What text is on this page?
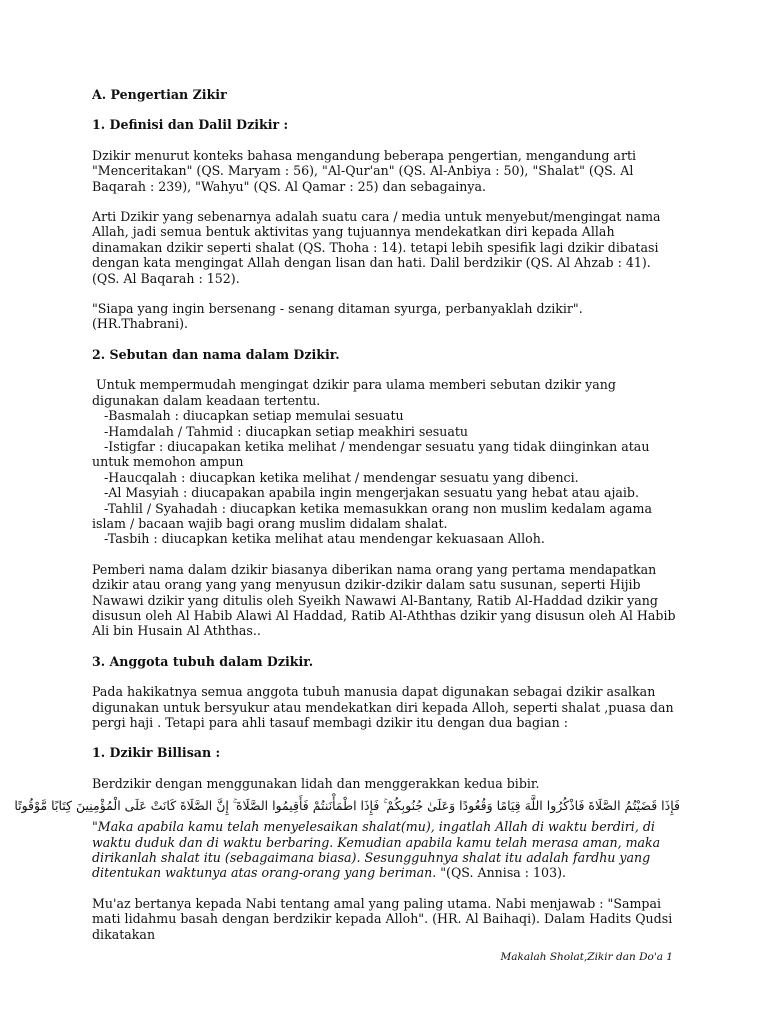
A. Pengertian Zikir

1. Definisi dan Dalil Dzikir :

Dzikir menurut konteks bahasa mengandung beberapa pengertian, mengandung arti "Menceritakan" (QS. Maryam : 56), "Al-Qur'an" (QS. Al-Anbiya : 50), "Shalat" (QS. Al Baqarah : 239), "Wahyu" (QS. Al Qamar : 25) dan sebagainya.

Arti Dzikir yang sebenarnya adalah suatu cara / media untuk menyebut/mengingat nama Allah, jadi semua bentuk aktivitas yang tujuannya mendekatkan diri kepada Allah dinamakan dzikir seperti shalat (QS. Thoha : 14). tetapi lebih spesifik lagi dzikir dibatasi dengan kata mengingat Allah dengan lisan dan hati. Dalil berdzikir (QS. Al Ahzab : 41). (QS. Al Baqarah : 152).

"Siapa yang ingin bersenang - senang ditaman syurga, perbanyaklah dzikir". (HR.Thabrani).

2. Sebutan dan nama dalam Dzikir.

Untuk mempermudah mengingat dzikir para ulama memberi sebutan dzikir yang digunakan dalam keadaan tertentu.

-Basmalah : diucapkan setiap memulai sesuatu

-Hamdalah / Tahmid : diucapkan setiap meakhiri sesuatu

-Istigfar : diucapakan ketika melihat / mendengar sesuatu yang tidak diinginkan atau untuk memohon ampun

-Haucqalah : diucapkan ketika melihat / mendengar sesuatu yang dibenci.

-Al Masyiah : diucapakan apabila ingin mengerjakan sesuatu yang hebat atau ajaib.

-Tahlil / Syahadah : diucapkan ketika memasukkan orang non muslim kedalam agama islam / bacaan wajib bagi orang muslim didalam shalat.

-Tasbih : diucapkan ketika melihat atau mendengar kekuasaan Alloh.

Pemberi nama dalam dzikir biasanya diberikan nama orang yang pertama mendapatkan dzikir atau orang yang yang menyusun dzikir-dzikir dalam satu susunan, seperti Hijib Nawawi dzikir yang ditulis oleh Syeikh Nawawi Al-Bantany, Ratib Al-Haddad dzikir yang disusun oleh Al Habib Alawi Al Haddad, Ratib Al-Aththas dzikir yang disusun oleh Al Habib Ali bin Husain Al Aththas..

3. Anggota tubuh dalam Dzikir.

Pada hakikatnya semua anggota tubuh manusia dapat digunakan sebagai dzikir asalkan digunakan untuk bersyukur atau mendekatkan diri kepada Alloh, seperti shalat ,puasa dan pergi haji . Tetapi para ahli tasauf membagi dzikir itu dengan dua bagian :

1. Dzikir Billisan :

Berdzikir dengan menggunakan lidah dan menggerakkan kedua bibir.

فَإِذَا قَضَيْتُمُ الصَّلَاةَ فَاذْكُرُوا اللَّهَ قِيَامًا وَقُعُودًا وَعَلَىٰ جُنُوبِكُمْ ۚ فَإِذَا اطْمَأْنَنتُمْ فَأَقِيمُوا الصَّلَاةَ ۚ إِنَّ الصَّلَاةَ كَانَتْ عَلَى الْمُؤْمِنِينَ كِتَابًا مَّوْقُوتًا

"Maka apabila kamu telah menyelesaikan shalat(mu), ingatlah Allah di waktu berdiri, di waktu duduk dan di waktu berbaring. Kemudian apabila kamu telah merasa aman, maka dirikanlah shalat itu (sebagaimana biasa). Sesungguhnya shalat itu adalah fardhu yang ditentukan waktunya atas orang-orang yang beriman. "(QS. Annisa : 103).

Mu'az bertanya kepada Nabi tentang amal yang paling utama. Nabi menjawab : "Sampai mati lidahmu basah dengan berdzikir kepada Alloh". (HR. Al Baihaqi). Dalam Hadits Qudsi dikatakan

Makalah Sholat,Zikir dan Do'a 1
